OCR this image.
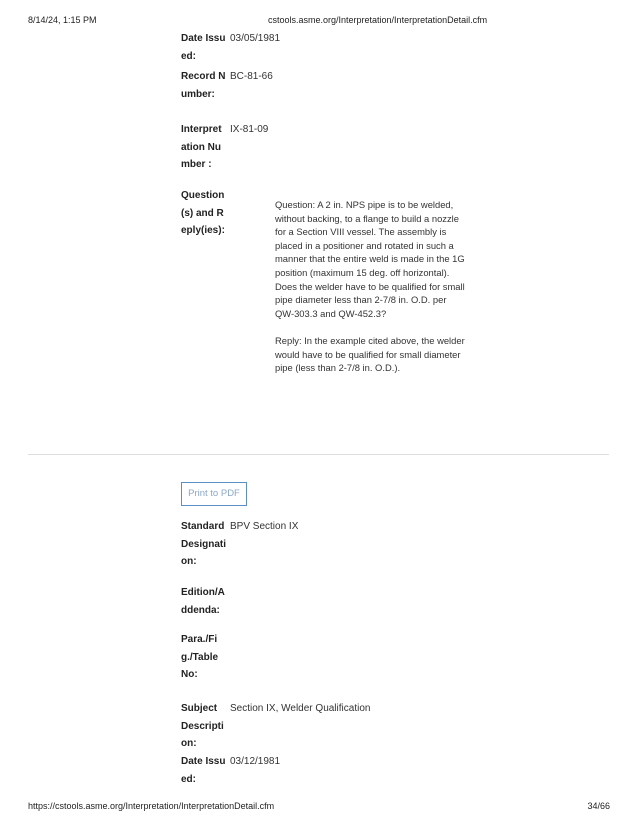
8/14/24, 1:15 PM	cstools.asme.org/Interpretation/InterpretationDetail.cfm
Date Issued:
03/05/1981
Record Number:
BC-81-66
Interpretation Number :
IX-81-09
Question(s) and Reply(ies):

Question: A 2 in. NPS pipe is to be welded, without backing, to a flange to build a nozzle for a Section VIII vessel. The assembly is placed in a positioner and rotated in such a manner that the entire weld is made in the 1G position (maximum 15 deg. off horizontal). Does the welder have to be qualified for small pipe diameter less than 2-7/8 in. O.D. per QW-303.3 and QW-452.3?

Reply: In the example cited above, the welder would have to be qualified for small diameter pipe (less than 2-7/8 in. O.D.).

Print to PDF
Standard Designation:
BPV Section IX
Edition/Addenda:
Para./Fig./Table No:
Subject Description:
Section IX, Welder Qualification
Date Issued:
03/12/1981
https://cstools.asme.org/Interpretation/InterpretationDetail.cfm	34/66
